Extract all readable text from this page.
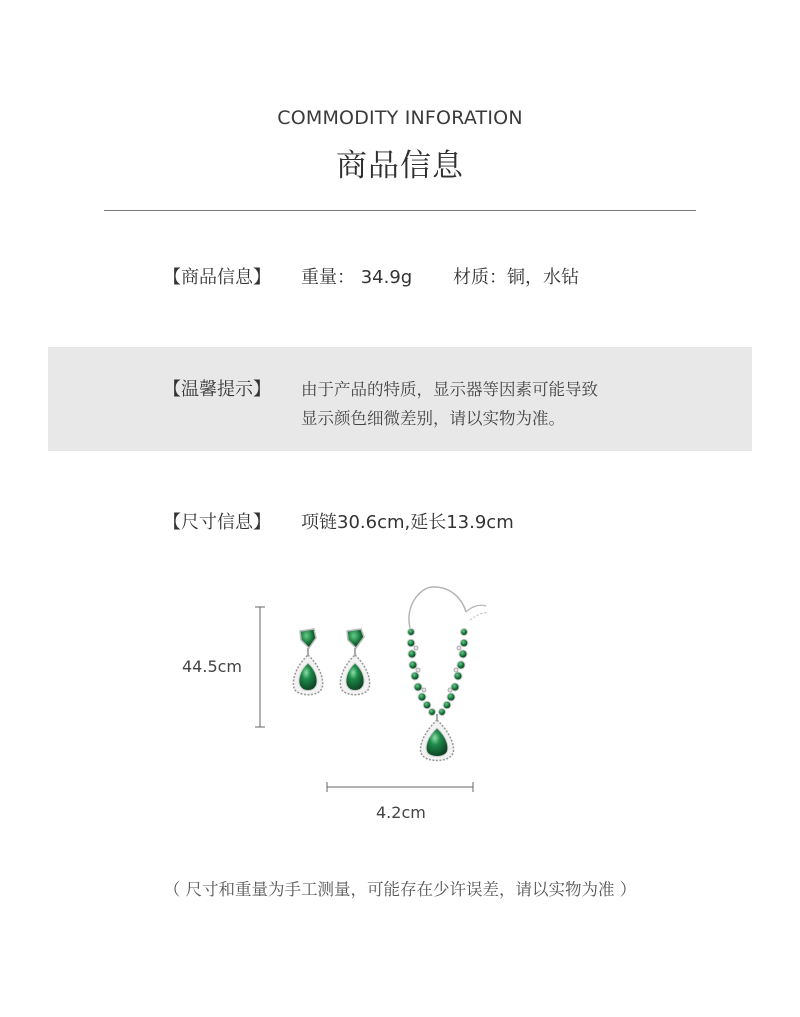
COMMODITY INFORATION
商品信息
【商品信息】 重量： 34.9g 材质：铜，水钻
【温馨提示】 由于产品的特质，显示器等因素可能导致
显示颜色细微差别，请以实物为准。
【尺寸信息】 项链30.6cm,延长13.9cm
44.5cm
4.2cm
（ 尺寸和重量为手工测量，可能存在少许误差，请以实物为准 ）
